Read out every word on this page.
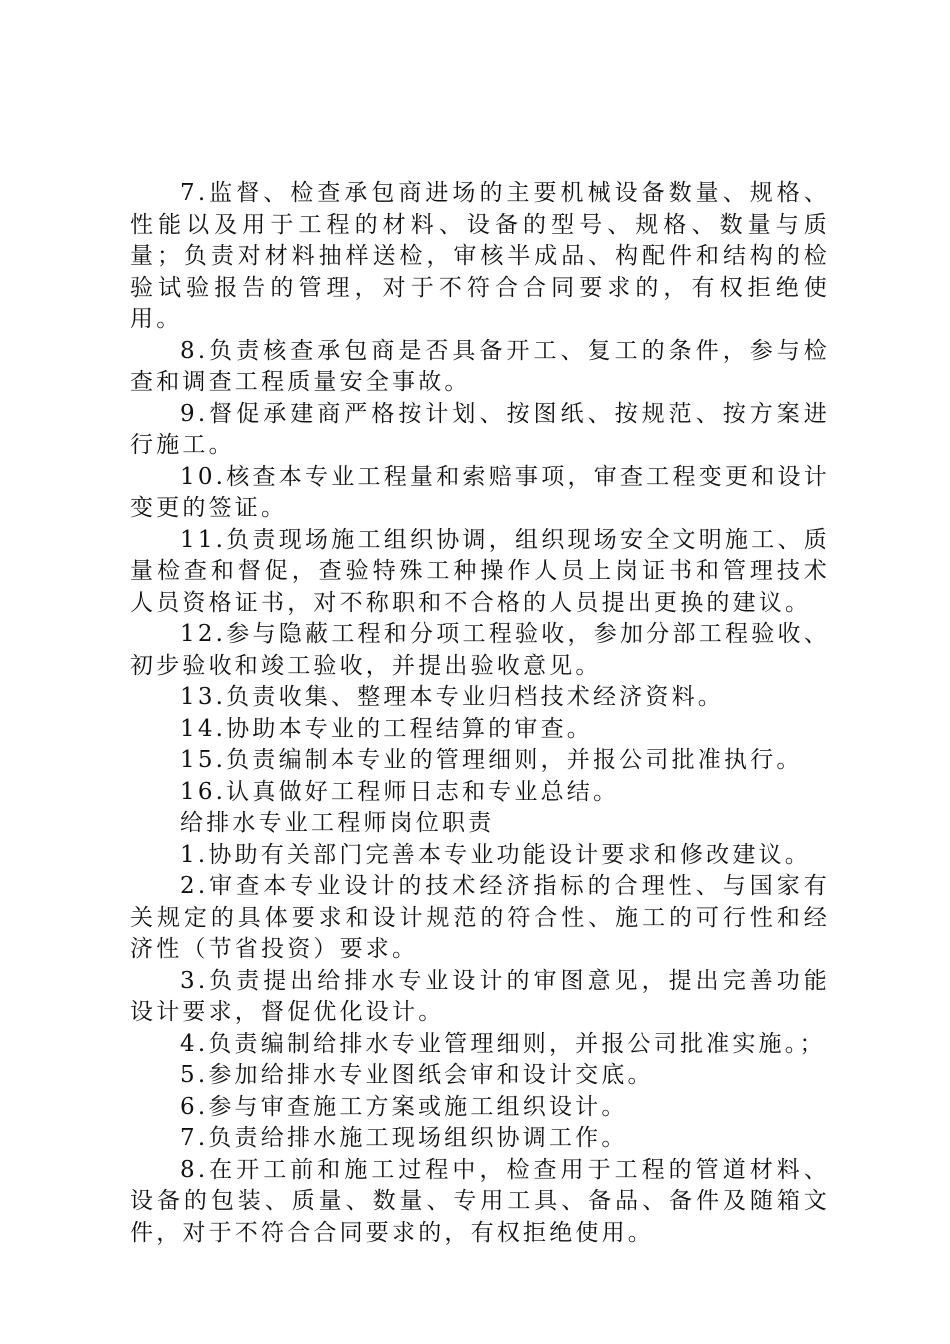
7.监督、检查承包商进场的主要机械设备数量、规格、性能以及用于工程的材料、设备的型号、规格、数量与质量；负责对材料抽样送检，审核半成品、构配件和结构的检验试验报告的管理，对于不符合合同要求的，有权拒绝使用。

8.负责核查承包商是否具备开工、复工的条件，参与检查和调查工程质量安全事故。

9.督促承建商严格按计划、按图纸、按规范、按方案进行施工。

10.核查本专业工程量和索赔事项，审查工程变更和设计变更的签证。

11.负责现场施工组织协调，组织现场安全文明施工、质量检查和督促，查验特殊工种操作人员上岗证书和管理技术人员资格证书，对不称职和不合格的人员提出更换的建议。

12.参与隐蔽工程和分项工程验收，参加分部工程验收、初步验收和竣工验收，并提出验收意见。

13.负责收集、整理本专业归档技术经济资料。

14.协助本专业的工程结算的审查。

15.负责编制本专业的管理细则，并报公司批准执行。

16.认真做好工程师日志和专业总结。

给排水专业工程师岗位职责

1.协助有关部门完善本专业功能设计要求和修改建议。

2.审查本专业设计的技术经济指标的合理性、与国家有关规定的具体要求和设计规范的符合性、施工的可行性和经济性（节省投资）要求。

3.负责提出给排水专业设计的审图意见，提出完善功能设计要求，督促优化设计。

4.负责编制给排水专业管理细则，并报公司批准实施。；

5.参加给排水专业图纸会审和设计交底。

6.参与审查施工方案或施工组织设计。

7.负责给排水施工现场组织协调工作。

8.在开工前和施工过程中，检查用于工程的管道材料、设备的包装、质量、数量、专用工具、备品、备件及随箱文件，对于不符合合同要求的，有权拒绝使用。
